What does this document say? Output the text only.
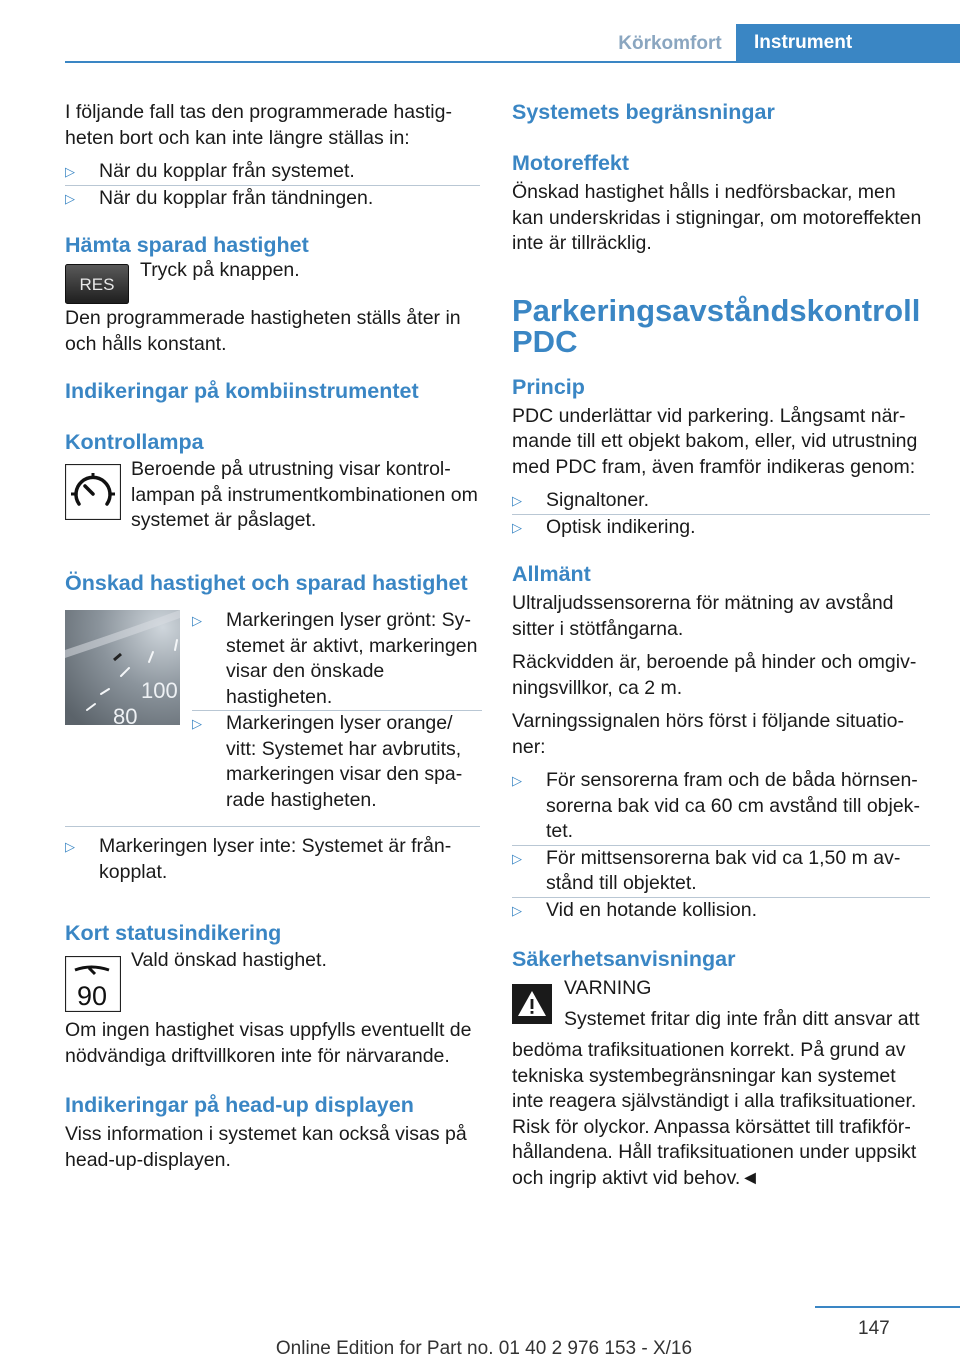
Körkomfort	Instrument

I följande fall tas den programmerade hastigheten bort och kan inte längre ställas in:

▷ När du kopplar från systemet.
▷ När du kopplar från tändningen.

Hämta sparad hastighet

RES

Tryck på knappen.

Den programmerade hastigheten ställs åter in och hålls konstant.

Indikeringar på kombiinstrumentet

Kontrollampa

Beroende på utrustning visar kontrollampan på instrumentkombinationen om systemet är påslaget.

Önskad hastighet och sparad hastighet

100
80
▷ Markeringen lyser grönt: Systemet är aktivt, markeringen visar den önskade hastigheten.
▷ Markeringen lyser orange/ vitt: Systemet har avbrutits, markeringen visar den sparade hastigheten.
▷ Markeringen lyser inte: Systemet är frånkopplat.

Kort statusindikering

90

Vald önskad hastighet.

Om ingen hastighet visas uppfylls eventuellt de nödvändiga driftvillkoren inte för närvarande.

Indikeringar på head-up displayen

Viss information i systemet kan också visas på head-up-displayen.

Systemets begränsningar

Motoreffekt

Önskad hastighet hålls i nedförsbackar, men kan underskridas i stigningar, om motoreffekten inte är tillräcklig.

Parkeringsavståndskontroll

PDC

Princip

PDC underlättar vid parkering. Långsamt närmande till ett objekt bakom, eller, vid utrustning med PDC fram, även framför indikeras genom:

▷ Signaltoner.
▷ Optisk indikering.

Allmänt

Ultraljudssensorerna för mätning av avstånd sitter i stötfångarna.

Räckvidden är, beroende på hinder och omgivningsvillkor, ca 2 m.

Varningssignalen hörs först i följande situationer:

▷ För sensorerna fram och de båda hörnsensorerna bak vid ca 60 cm avstånd till objektet.
▷ För mittsensorerna bak vid ca 1,50 m avstånd till objektet.
▷ Vid en hotande kollision.

Säkerhetsanvisningar

VARNING

Systemet fritar dig inte från ditt ansvar att

bedöma trafiksituationen korrekt. På grund av tekniska systembegränsningar kan systemet inte reagera självständigt i alla trafiksituationer. Risk för olyckor. Anpassa körsättet till trafikförhållandena. Håll trafiksituationen under uppsikt och ingrip aktivt vid behov.◄

147
Online Edition for Part no. 01 40 2 976 153 - X/16
